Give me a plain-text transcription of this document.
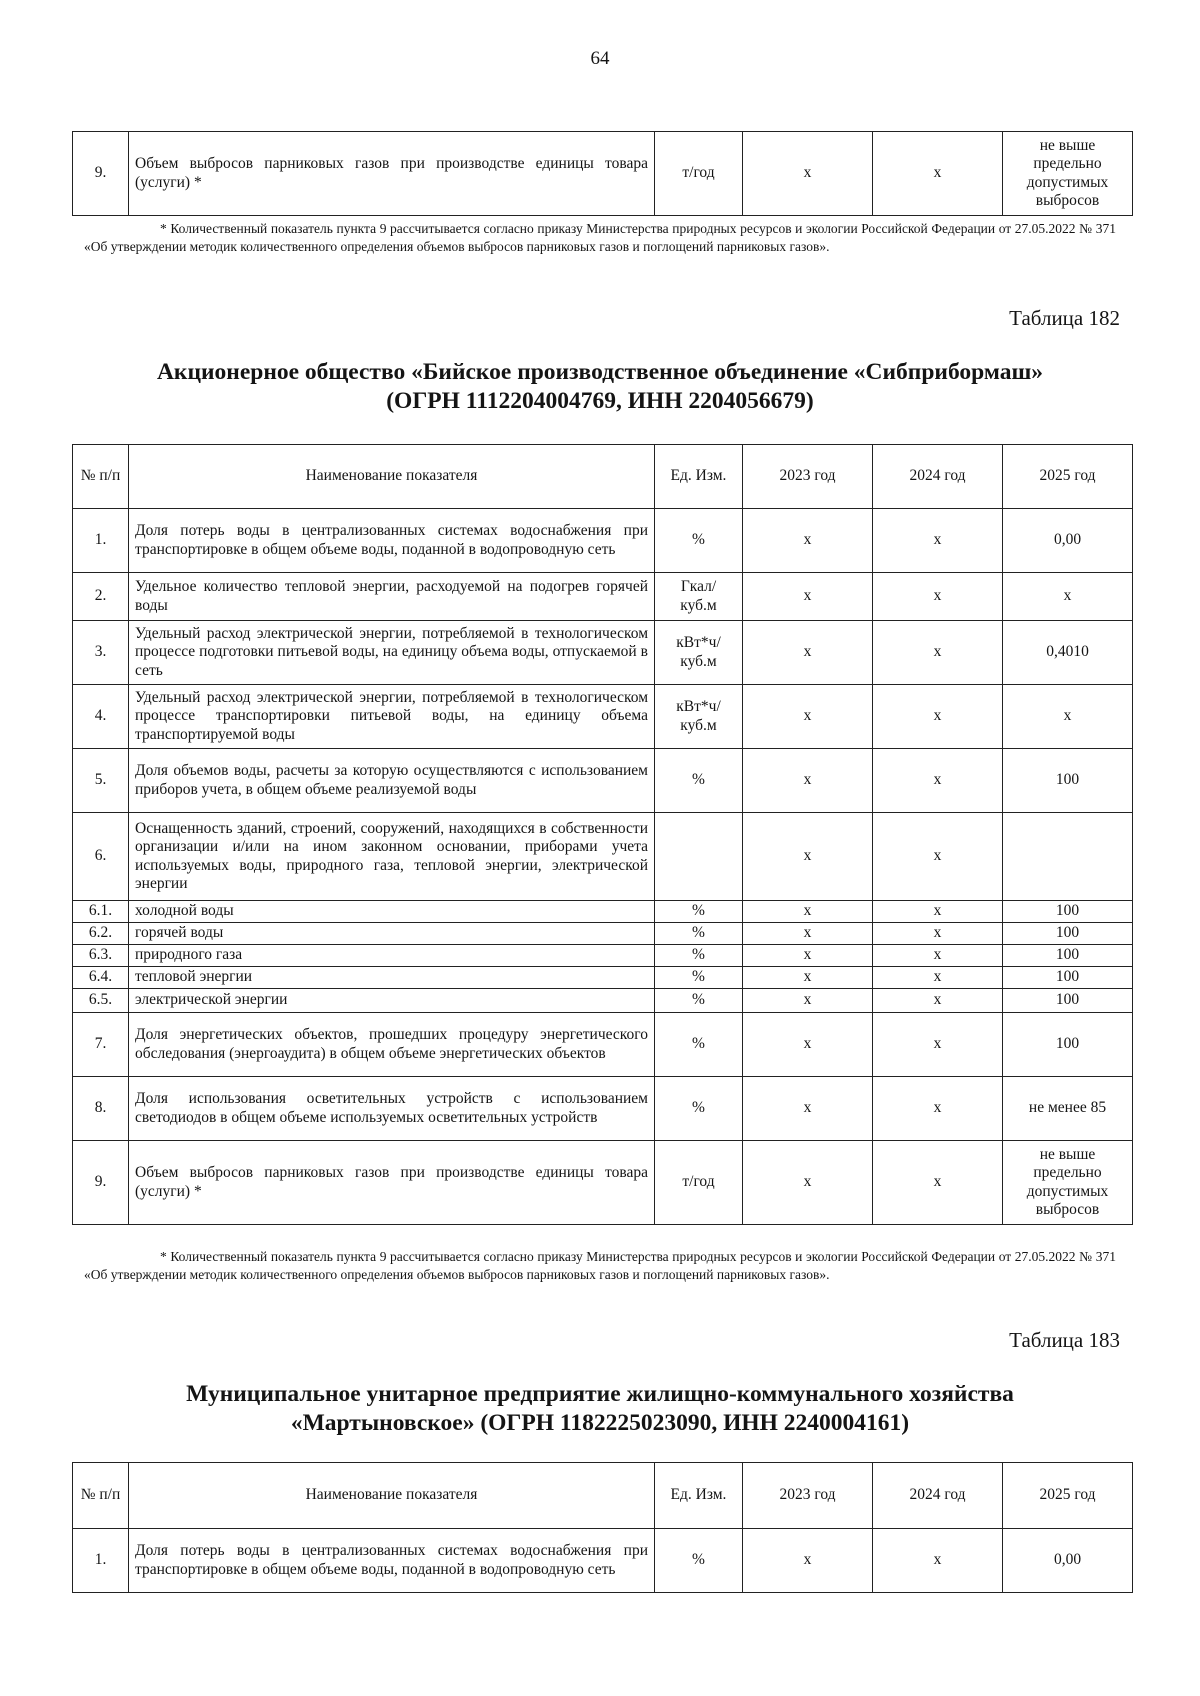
64
9.	Объем выбросов парниковых газов при производстве единицы товара (услуги) *	т/год	х	х	не выше предельно допустимых выбросов
* Количественный показатель пункта 9 рассчитывается согласно приказу Министерства природных ресурсов и экологии Российской Федерации от 27.05.2022 № 371 «Об утверждении методик количественного определения объемов выбросов парниковых газов и поглощений парниковых газов».
Таблица 182
Акционерное общество «Бийское производственное объединение «Сибприбормаш»
(ОГРН 1112204004769, ИНН 2204056679)
№ п/п	Наименование показателя	Ед. Изм.	2023 год	2024 год	2025 год
1.	Доля потерь воды в централизованных системах водоснабжения при транспортировке в общем объеме воды, поданной в водопроводную сеть	%	х	х	0,00
2.	Удельное количество тепловой энергии, расходуемой на подогрев горячей воды	Гкал/ куб.м	х	х	х
3.	Удельный расход электрической энергии, потребляемой в технологическом процессе подготовки питьевой воды, на единицу объема воды, отпускаемой в сеть	кВт*ч/ куб.м	х	х	0,4010
4.	Удельный расход электрической энергии, потребляемой в технологическом процессе транспортировки питьевой воды, на единицу объема транспортируемой воды	кВт*ч/ куб.м	х	х	х
5.	Доля объемов воды, расчеты за которую осуществляются с использованием приборов учета, в общем объеме реализуемой воды	%	х	х	100
6.	Оснащенность зданий, строений, сооружений, находящихся в собственности организации и/или на ином законном основании, приборами учета используемых воды, природного газа, тепловой энергии, электрической энергии		х	х	
6.1.	холодной воды	%	х	х	100
6.2.	горячей воды	%	х	х	100
6.3.	природного газа	%	х	х	100
6.4.	тепловой энергии	%	х	х	100
6.5.	электрической энергии	%	х	х	100
7.	Доля энергетических объектов, прошедших процедуру энергетического обследования (энергоаудита) в общем объеме энергетических объектов	%	х	х	100
8.	Доля использования осветительных устройств с использованием светодиодов в общем объеме используемых осветительных устройств	%	х	х	не менее 85
9.	Объем выбросов парниковых газов при производстве единицы товара (услуги) *	т/год	х	х	не выше предельно допустимых выбросов
* Количественный показатель пункта 9 рассчитывается согласно приказу Министерства природных ресурсов и экологии Российской Федерации от 27.05.2022 № 371 «Об утверждении методик количественного определения объемов выбросов парниковых газов и поглощений парниковых газов».
Таблица 183
Муниципальное унитарное предприятие жилищно-коммунального хозяйства
«Мартыновское» (ОГРН 1182225023090, ИНН 2240004161)
№ п/п	Наименование показателя	Ед. Изм.	2023 год	2024 год	2025 год
1.	Доля потерь воды в централизованных системах водоснабжения при транспортировке в общем объеме воды, поданной в водопроводную сеть	%	х	х	0,00
